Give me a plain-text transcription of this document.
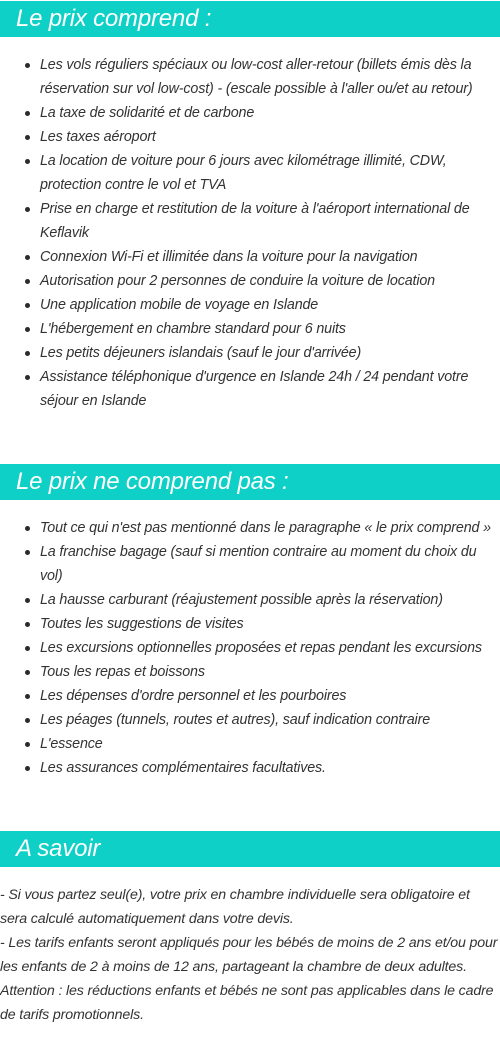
Le prix comprend :
Les vols réguliers spéciaux ou low-cost aller-retour (billets émis dès la réservation sur vol low-cost) - (escale possible à l'aller ou/et au retour)
La taxe de solidarité et de carbone
Les taxes aéroport
La location de voiture pour 6 jours avec kilométrage illimité, CDW, protection contre le vol et TVA
Prise en charge et restitution de la voiture à l'aéroport international de Keflavik
Connexion Wi-Fi et illimitée dans la voiture pour la navigation
Autorisation pour 2 personnes de conduire la voiture de location
Une application mobile de voyage en Islande
L'hébergement en chambre standard pour 6 nuits
Les petits déjeuners islandais (sauf le jour d'arrivée)
Assistance téléphonique d'urgence en Islande 24h / 24 pendant votre séjour en Islande
Le prix ne comprend pas :
Tout ce qui n'est pas mentionné dans le paragraphe « le prix comprend »
La franchise bagage (sauf si mention contraire au moment du choix du vol)
La hausse carburant (réajustement possible après la réservation)
Toutes les suggestions de visites
Les excursions optionnelles proposées et repas pendant les excursions
Tous les repas et boissons
Les dépenses d'ordre personnel et les pourboires
Les péages (tunnels, routes et autres), sauf indication contraire
L'essence
Les assurances complémentaires facultatives.
A savoir

- Si vous partez seul(e), votre prix en chambre individuelle sera obligatoire et sera calculé automatiquement dans votre devis.

- Les tarifs enfants seront appliqués pour les bébés de moins de 2 ans et/ou pour les enfants de 2 à moins de 12 ans, partageant la chambre de deux adultes.

Attention : les réductions enfants et bébés ne sont pas applicables dans le cadre de tarifs promotionnels.
